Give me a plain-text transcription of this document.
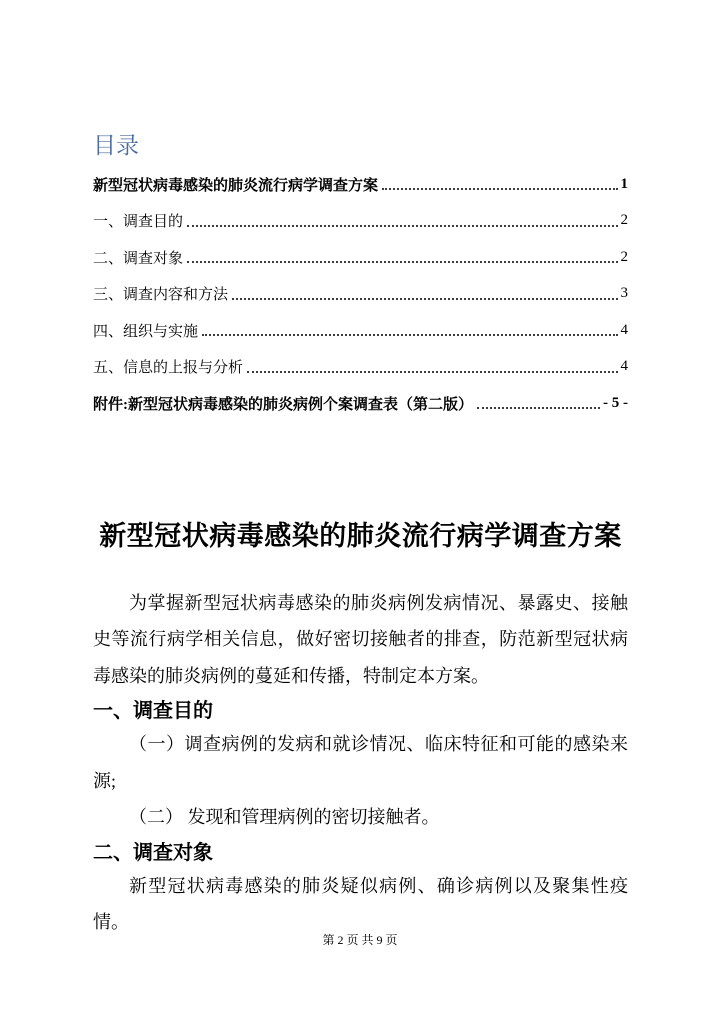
目录
新型冠状病毒感染的肺炎流行病学调查方案	1
一、调查目的	2
二、调查对象	2
三、调查内容和方法	3
四、组织与实施	4
五、信息的上报与分析	4
附件:新型冠状病毒感染的肺炎病例个案调查表（第二版）	- 5 -
新型冠状病毒感染的肺炎流行病学调查方案

为掌握新型冠状病毒感染的肺炎病例发病情况、暴露史、接触史等流行病学相关信息，做好密切接触者的排查，防范新型冠状病毒感染的肺炎病例的蔓延和传播，特制定本方案。

一、调查目的

（一）调查病例的发病和就诊情况、临床特征和可能的感染来源;

（二） 发现和管理病例的密切接触者。

二、调查对象

新型冠状病毒感染的肺炎疑似病例、确诊病例以及聚集性疫情。

第 2 页 共 9 页
